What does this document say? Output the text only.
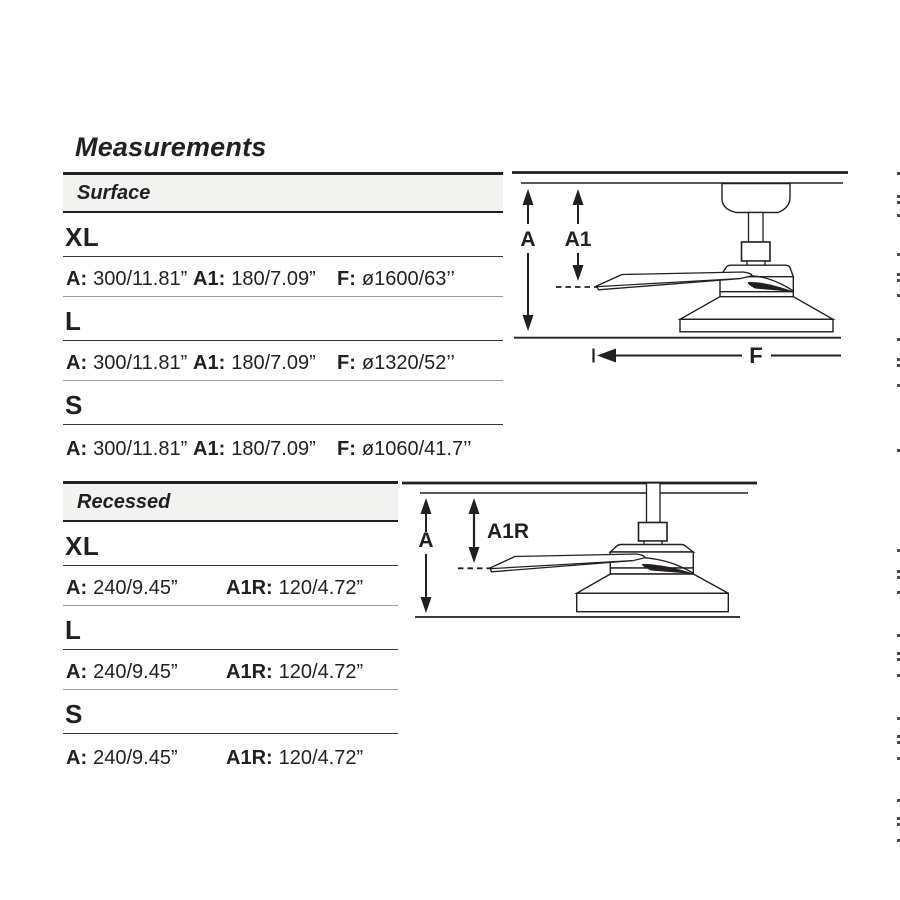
Measurements
Surface
XL
A: 300/11.81” A1: 180/7.09” F: ø1600/63’’
L
A: 300/11.81” A1: 180/7.09” F: ø1320/52’’
S
A: 300/11.81” A1: 180/7.09” F: ø1060/41.7’’
Recessed
XL
A: 240/9.45” A1R: 120/4.72”
L
A: 240/9.45” A1R: 120/4.72”
S
A: 240/9.45” A1R: 120/4.72”
A A1
F
A	A1R
